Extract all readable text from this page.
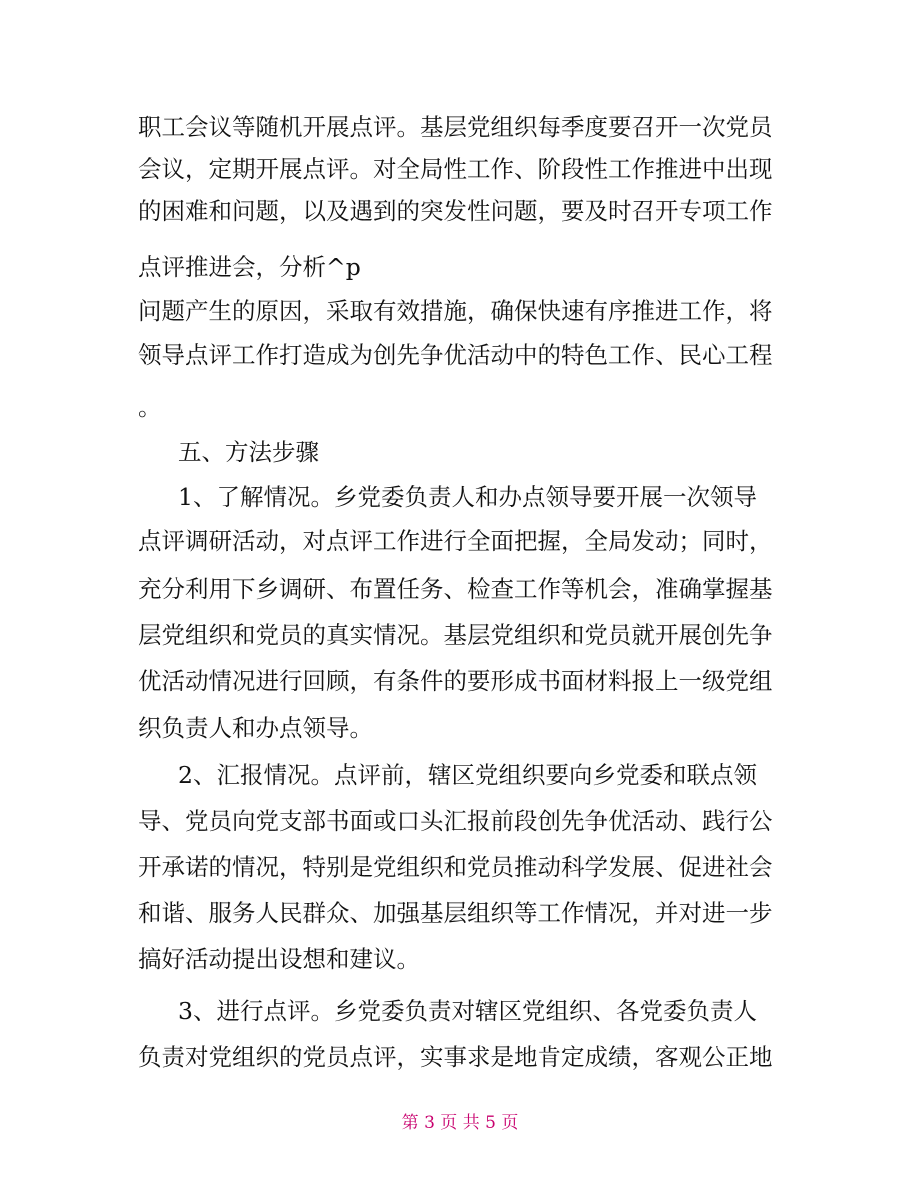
职工会议等随机开展点评。基层党组织每季度要召开一次党员
会议，定期开展点评。对全局性工作、阶段性工作推进中出现
的困难和问题，以及遇到的突发性问题，要及时召开专项工作
点评推进会，分析^p
问题产生的原因，采取有效措施，确保快速有序推进工作，将
领导点评工作打造成为创先争优活动中的特色工作、民心工程
。
五、方法步骤
1、了解情况。乡党委负责人和办点领导要开展一次领导
点评调研活动，对点评工作进行全面把握，全局发动；同时，
充分利用下乡调研、布置任务、检查工作等机会，准确掌握基
层党组织和党员的真实情况。基层党组织和党员就开展创先争
优活动情况进行回顾，有条件的要形成书面材料报上一级党组
织负责人和办点领导。
2、汇报情况。点评前，辖区党组织要向乡党委和联点领
导、党员向党支部书面或口头汇报前段创先争优活动、践行公
开承诺的情况，特别是党组织和党员推动科学发展、促进社会
和谐、服务人民群众、加强基层组织等工作情况，并对进一步
搞好活动提出设想和建议。
3、进行点评。乡党委负责对辖区党组织、各党委负责人
负责对党组织的党员点评，实事求是地肯定成绩，客观公正地
第 3 页 共 5 页
